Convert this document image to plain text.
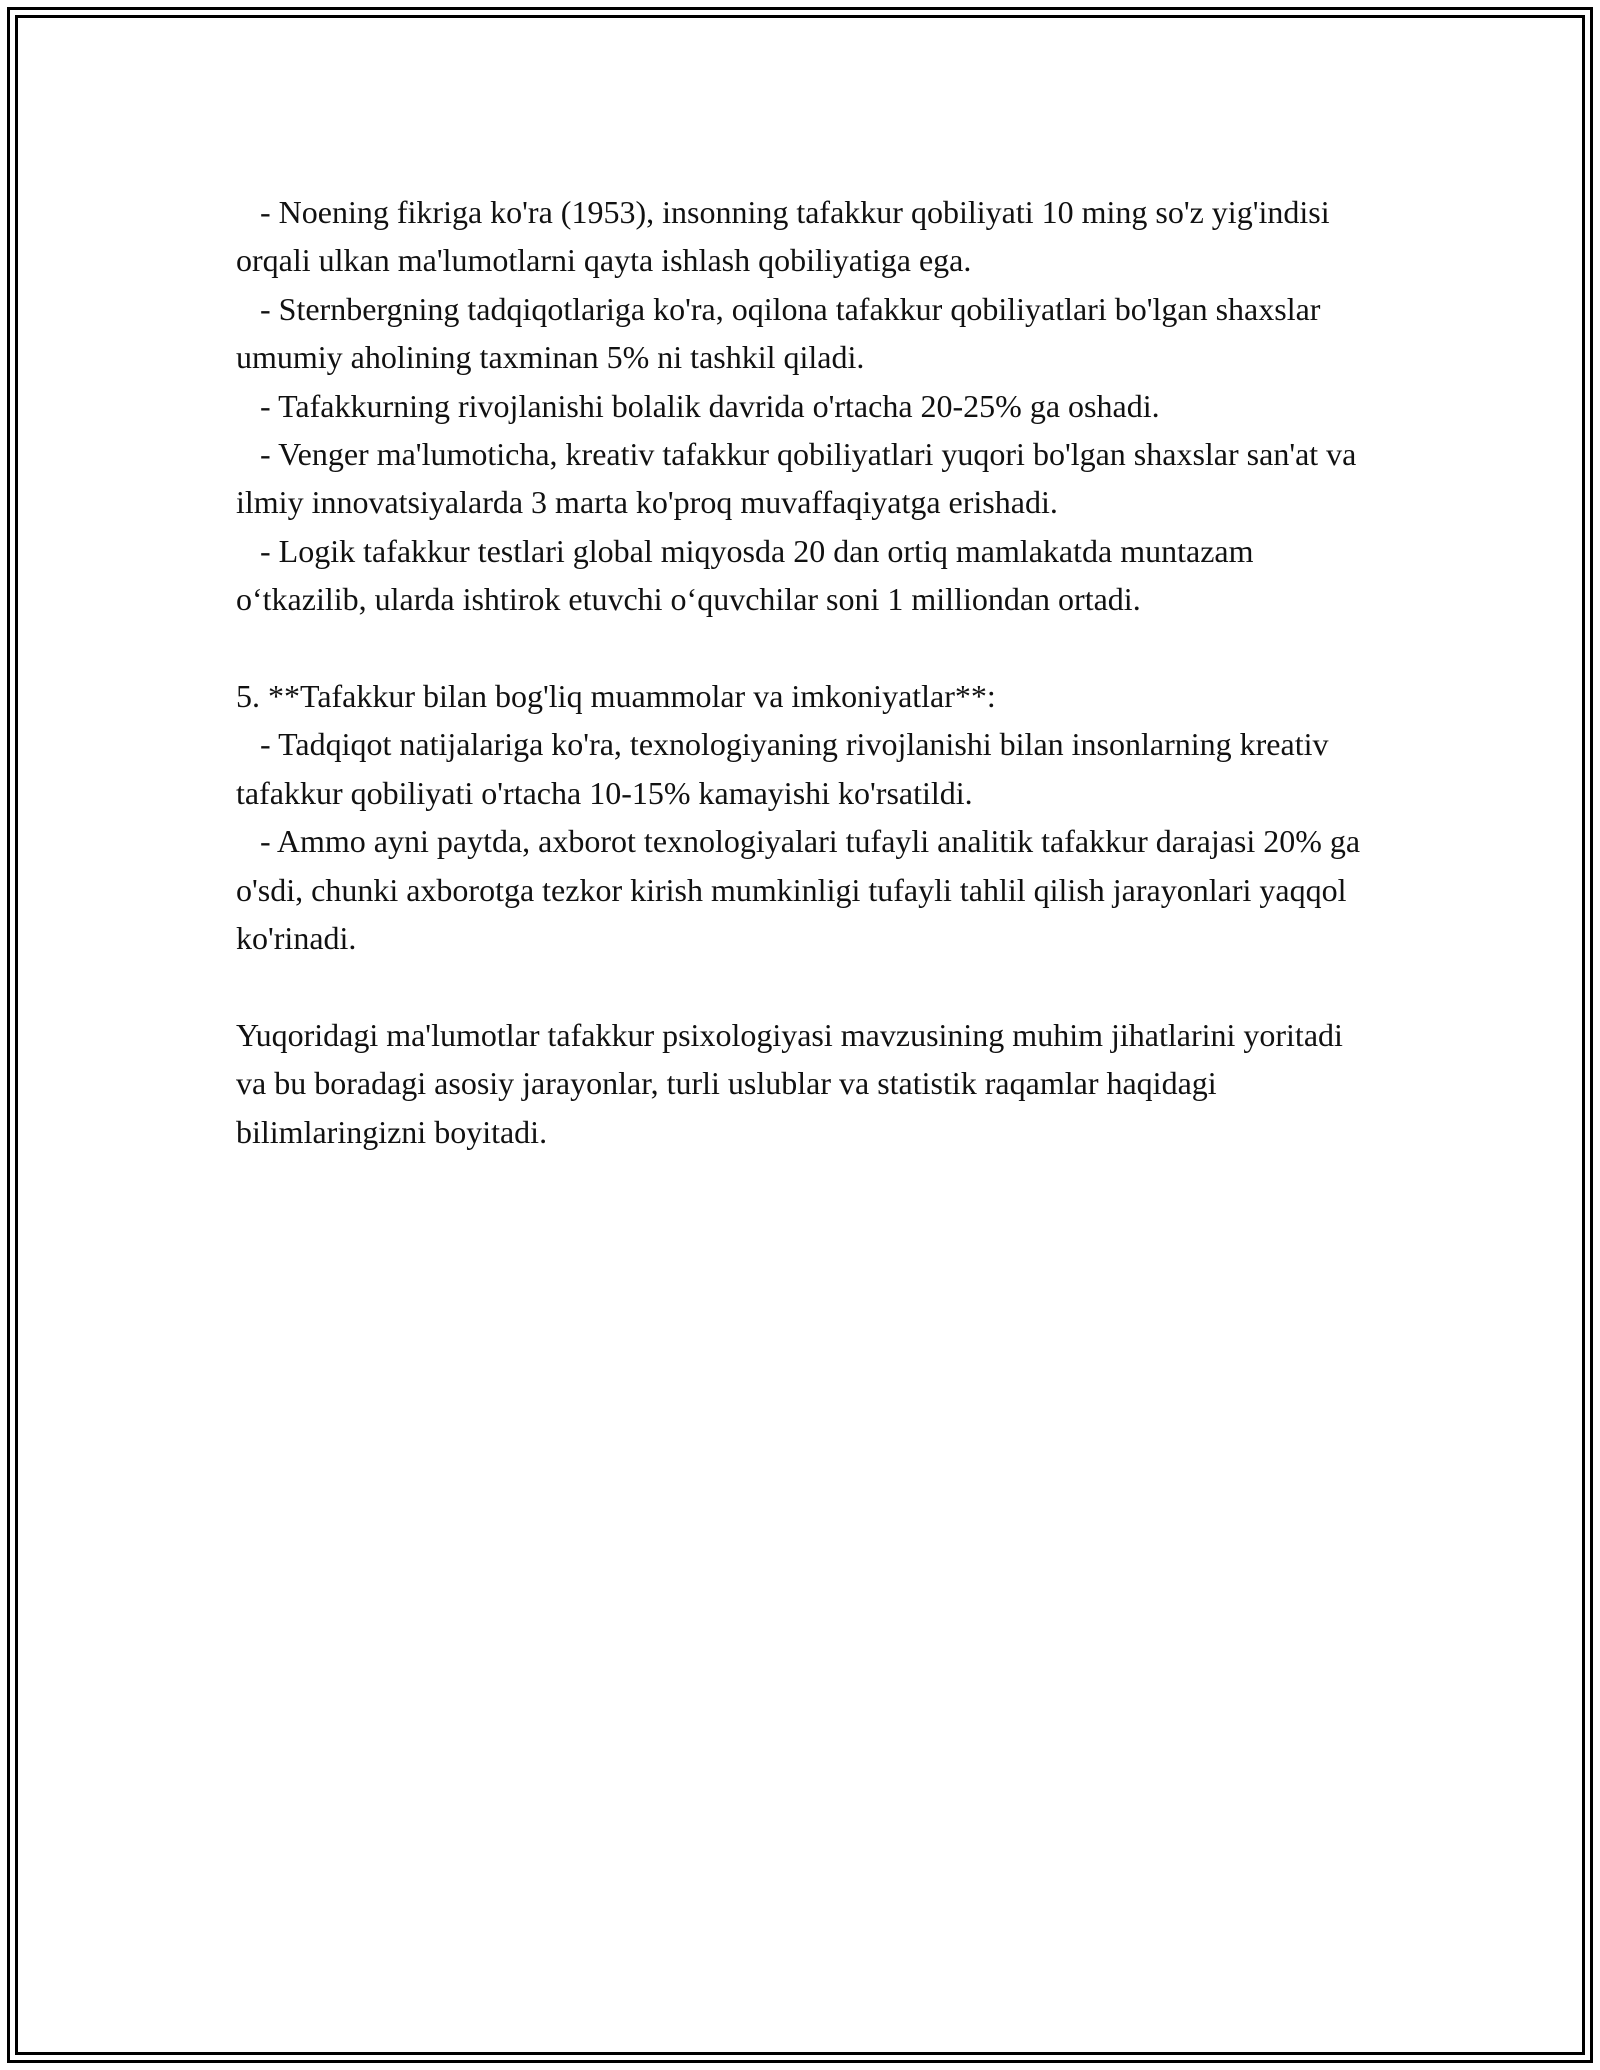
- Noening fikriga ko'ra (1953), insonning tafakkur qobiliyati 10 ming so'z yig'indisi orqali ulkan ma'lumotlarni qayta ishlash qobiliyatiga ega.

- Sternbergning tadqiqotlariga ko'ra, oqilona tafakkur qobiliyatlari bo'lgan shaxslar umumiy aholining taxminan 5% ni tashkil qiladi.

- Tafakkurning rivojlanishi bolalik davrida o'rtacha 20-25% ga oshadi.

- Venger ma'lumoticha, kreativ tafakkur qobiliyatlari yuqori bo'lgan shaxslar san'at va ilmiy innovatsiyalarda 3 marta ko'proq muvaffaqiyatga erishadi.

- Logik tafakkur testlari global miqyosda 20 dan ortiq mamlakatda muntazam o‘tkazilib, ularda ishtirok etuvchi o‘quvchilar soni 1 milliondan ortadi.

5. **Tafakkur bilan bog'liq muammolar va imkoniyatlar**:

- Tadqiqot natijalariga ko'ra, texnologiyaning rivojlanishi bilan insonlarning kreativ tafakkur qobiliyati o'rtacha 10-15% kamayishi ko'rsatildi.

- Ammo ayni paytda, axborot texnologiyalari tufayli analitik tafakkur darajasi 20% ga o'sdi, chunki axborotga tezkor kirish mumkinligi tufayli tahlil qilish jarayonlari yaqqol ko'rinadi.

Yuqoridagi ma'lumotlar tafakkur psixologiyasi mavzusining muhim jihatlarini yoritadi va bu boradagi asosiy jarayonlar, turli uslublar va statistik raqamlar haqidagi bilimlaringizni boyitadi.
